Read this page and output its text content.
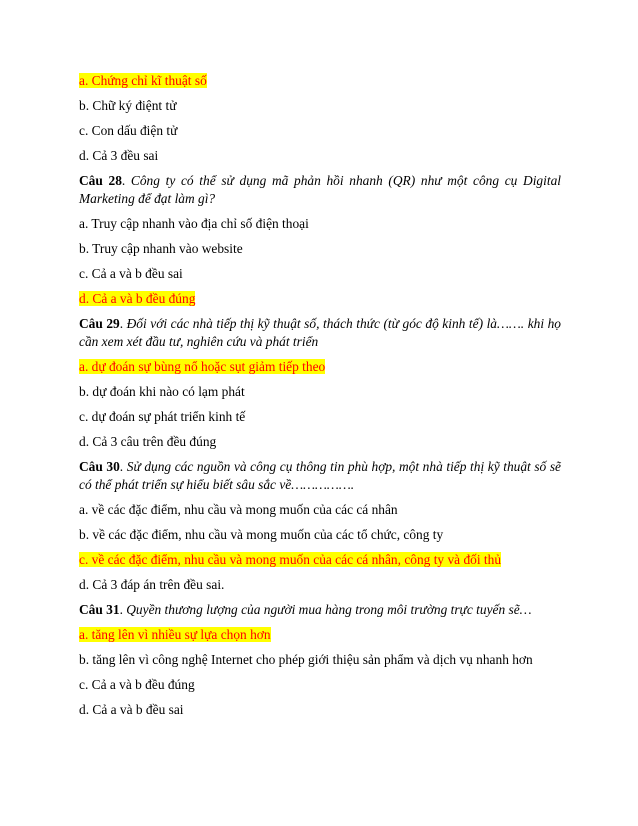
a. Chứng chỉ kĩ thuật số
b. Chữ ký điệnt tử
c. Con dấu điện tử
d. Cả 3 đều sai
Câu 28. Công ty có thể sử dụng mã phản hồi nhanh (QR) như một công cụ Digital Marketing để đạt làm gì?
a. Truy cập nhanh vào địa chỉ số điện thoại
b. Truy cập nhanh vào website
c. Cả a và b đều sai
d. Cả a và b đều đúng
Câu 29. Đối với các nhà tiếp thị kỹ thuật số, thách thức (từ góc độ kinh tế) là……. khi họ cần xem xét đầu tư, nghiên cứu và phát triển
a. dự đoán sự bùng nổ hoặc sụt giảm tiếp theo
b. dự đoán khi nào có lạm phát
c. dự đoán sự phát triển kinh tế
d. Cả 3 câu trên đều đúng
Câu 30. Sử dụng các nguồn và công cụ thông tin phù hợp, một nhà tiếp thị kỹ thuật số sẽ có thể phát triển sự hiểu biết sâu sắc về…………….
a. về các đặc điểm, nhu cầu và mong muốn của các cá nhân
b. về các đặc điểm, nhu cầu và mong muốn của các tổ chức, công ty
c. về các đặc điểm, nhu cầu và mong muốn của các cá nhân, công ty và đối thủ
d. Cả 3 đáp án trên đều sai.
Câu 31. Quyền thương lượng của người mua hàng trong môi trường trực tuyến sẽ…
a. tăng lên vì nhiều sự lựa chọn hơn
b. tăng lên vì công nghệ Internet cho phép giới thiệu sản phẩm và dịch vụ nhanh hơn
c. Cả a và b đều đúng
d. Cả a và b đều sai
